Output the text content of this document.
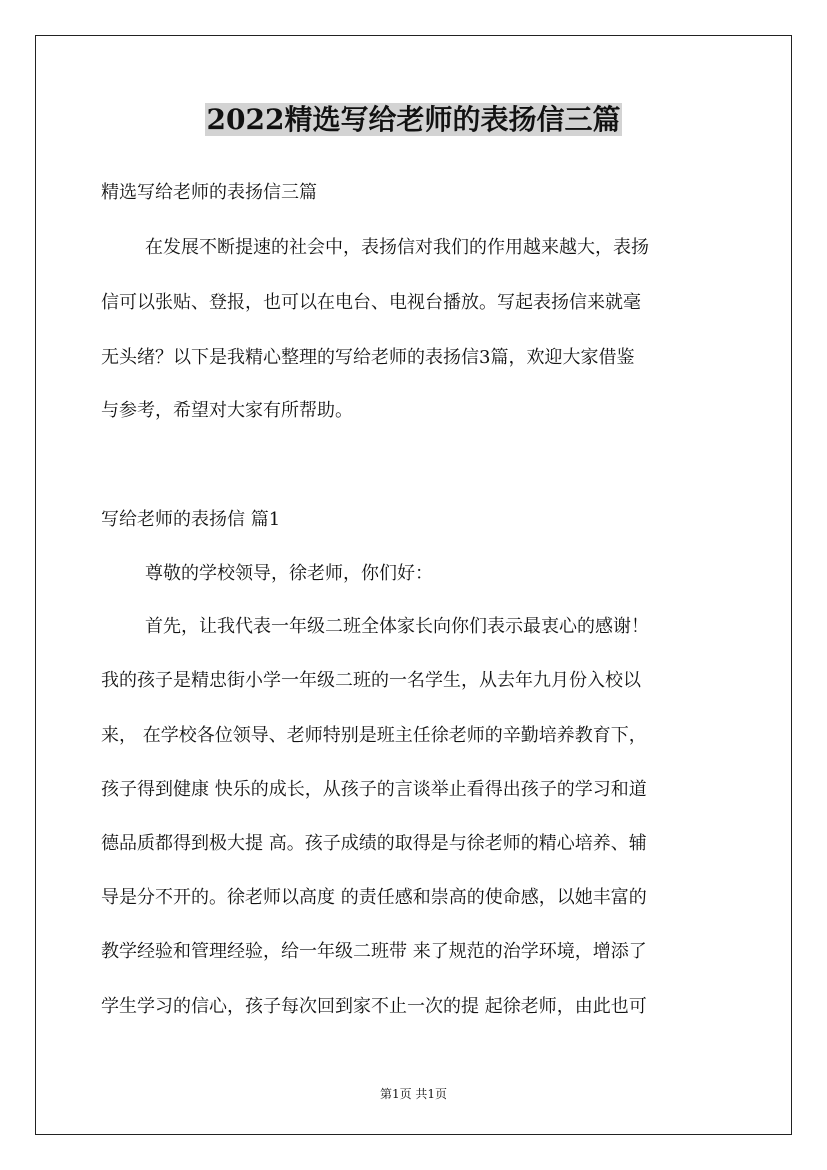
2022精选写给老师的表扬信三篇
精选写给老师的表扬信三篇
在发展不断提速的社会中，表扬信对我们的作用越来越大，表扬
信可以张贴、登报，也可以在电台、电视台播放。写起表扬信来就毫
无头绪？以下是我精心整理的写给老师的表扬信3篇，欢迎大家借鉴
与参考，希望对大家有所帮助。
写给老师的表扬信 篇1
尊敬的学校领导，徐老师，你们好：
首先，让我代表一年级二班全体家长向你们表示最衷心的感谢！
我的孩子是精忠街小学一年级二班的一名学生，从去年九月份入校以
来， 在学校各位领导、老师特别是班主任徐老师的辛勤培养教育下，
孩子得到健康 快乐的成长，从孩子的言谈举止看得出孩子的学习和道
德品质都得到极大提 高。孩子成绩的取得是与徐老师的精心培养、辅
导是分不开的。徐老师以高度 的责任感和崇高的使命感，以她丰富的
教学经验和管理经验，给一年级二班带 来了规范的治学环境，增添了
学生学习的信心，孩子每次回到家不止一次的提 起徐老师，由此也可
第1页 共1页
